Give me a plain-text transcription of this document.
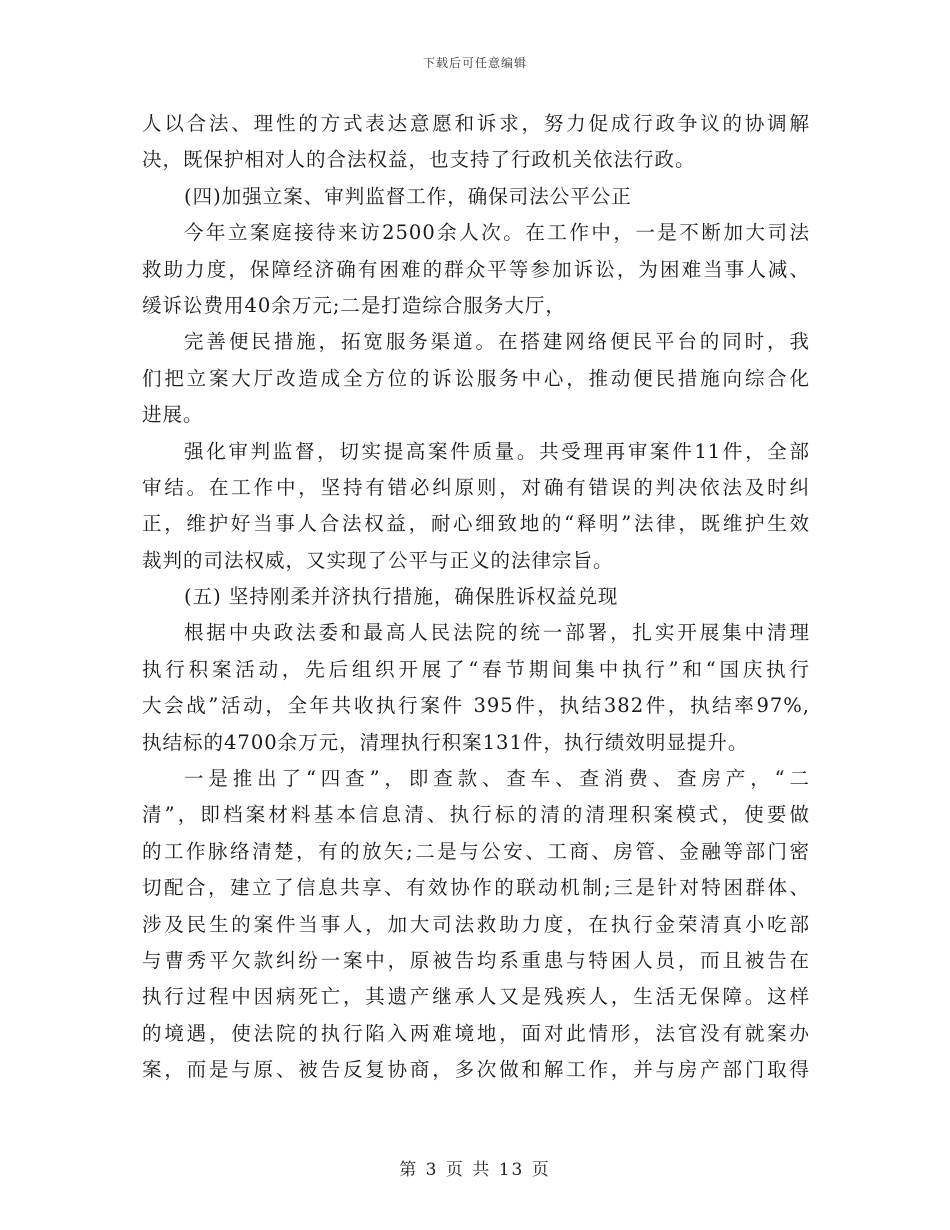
下载后可任意编辑
人以合法、理性的方式表达意愿和诉求，努力促成行政争议的协调解
决，既保护相对人的合法权益，也支持了行政机关依法行政。
(四)加强立案、审判监督工作，确保司法公平公正
今年立案庭接待来访2500余人次。在工作中，一是不断加大司法
救助力度，保障经济确有困难的群众平等参加诉讼，为困难当事人减、
缓诉讼费用40余万元;二是打造综合服务大厅，
完善便民措施，拓宽服务渠道。在搭建网络便民平台的同时，我
们把立案大厅改造成全方位的诉讼服务中心，推动便民措施向综合化
进展。
强化审判监督，切实提高案件质量。共受理再审案件11件，全部
审结。在工作中，坚持有错必纠原则，对确有错误的判决依法及时纠
正，维护好当事人合法权益，耐心细致地的“释明”法律，既维护生效
裁判的司法权威，又实现了公平与正义的法律宗旨。
(五) 坚持刚柔并济执行措施，确保胜诉权益兑现
根据中央政法委和最高人民法院的统一部署，扎实开展集中清理
执行积案活动，先后组织开展了“春节期间集中执行”和“国庆执行
大会战”活动，全年共收执行案件 395件，执结382件，执结率97%,
执结标的4700余万元，清理执行积案131件，执行绩效明显提升。
一是推出了“四查”，即查款、查车、查消费、查房产，“二
清”，即档案材料基本信息清、执行标的清的清理积案模式，使要做
的工作脉络清楚，有的放矢;二是与公安、工商、房管、金融等部门密
切配合，建立了信息共享、有效协作的联动机制;三是针对特困群体、
涉及民生的案件当事人，加大司法救助力度，在执行金荣清真小吃部
与曹秀平欠款纠纷一案中，原被告均系重患与特困人员，而且被告在
执行过程中因病死亡，其遗产继承人又是残疾人，生活无保障。这样
的境遇，使法院的执行陷入两难境地，面对此情形，法官没有就案办
案，而是与原、被告反复协商，多次做和解工作，并与房产部门取得
第 3 页 共 13 页
